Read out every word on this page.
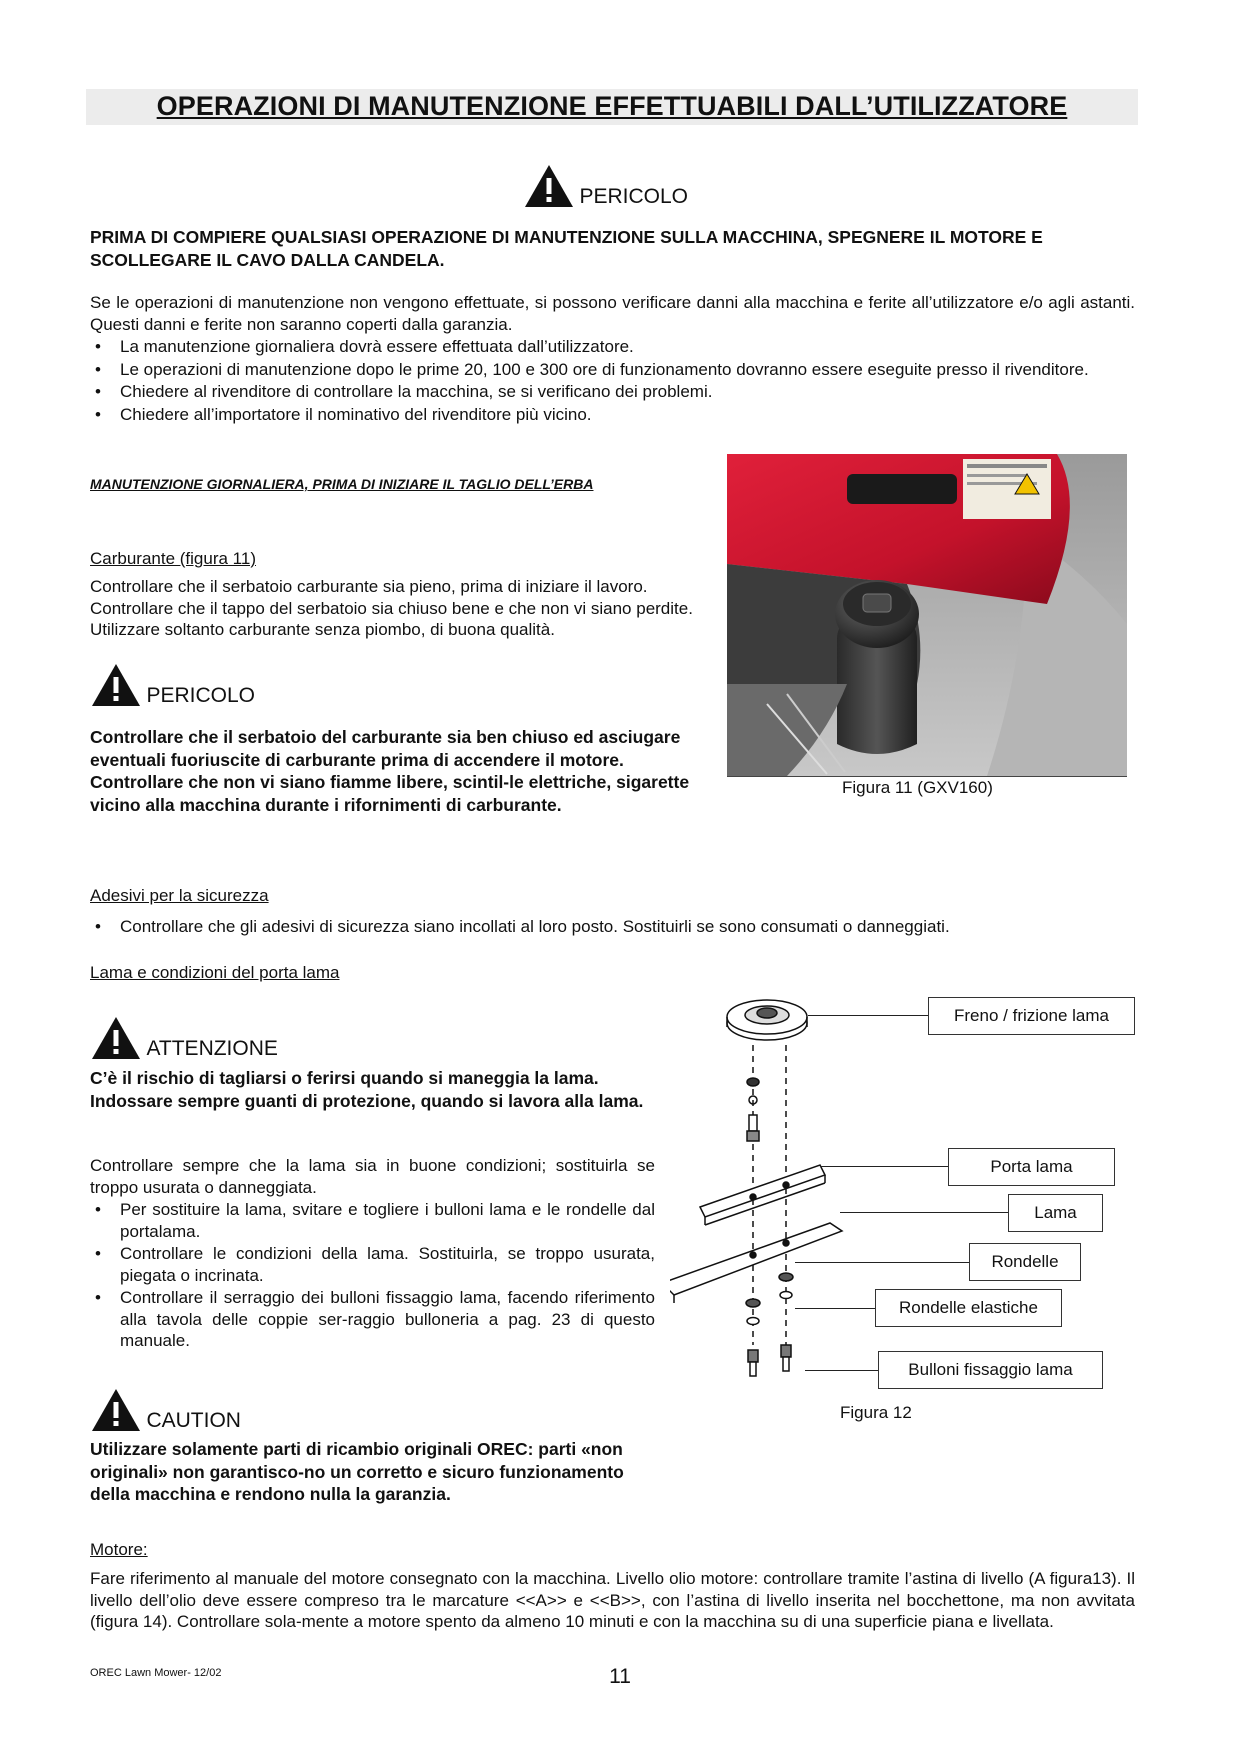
OPERAZIONI DI MANUTENZIONE EFFETTUABILI DALL’UTILIZZATORE
PERICOLO
PRIMA DI COMPIERE QUALSIASI OPERAZIONE DI MANUTENZIONE SULLA MACCHINA, SPEGNERE IL MOTORE E SCOLLEGARE IL CAVO DALLA CANDELA.
Se le operazioni di manutenzione non vengono effettuate, si possono verificare danni alla macchina e ferite all’utilizzatore e/o agli astanti. Questi danni e ferite non saranno coperti dalla garanzia.
• La manutenzione giornaliera dovrà essere effettuata dall’utilizzatore.
• Le operazioni di manutenzione dopo le prime 20, 100 e 300 ore di funzionamento dovranno essere eseguite presso il rivenditore.
• Chiedere al rivenditore di controllare la macchina, se si verificano dei problemi.
• Chiedere all’importatore il nominativo del rivenditore più vicino.
MANUTENZIONE GIORNALIERA, PRIMA DI INIZIARE IL TAGLIO DELL’ERBA
Carburante (figura 11)
Controllare che il serbatoio carburante sia pieno, prima di iniziare il lavoro. Controllare che il tappo del serbatoio sia chiuso bene e che non vi siano perdite. Utilizzare soltanto carburante senza piombo, di buona qualità.
PERICOLO
Controllare che il serbatoio del carburante sia ben chiuso ed asciugare eventuali fuoriuscite di carburante prima di accendere il motore. Controllare che non vi siano fiamme libere, scintil-le elettriche, sigarette vicino alla macchina durante i rifornimenti di carburante.
Figura 11 (GXV160)
Adesivi per la sicurezza
• Controllare che gli adesivi di sicurezza siano incollati al loro posto. Sostituirli se sono consumati o danneggiati.
Lama e condizioni del porta lama
ATTENZIONE
C’è il rischio di tagliarsi o ferirsi quando si maneggia la lama. Indossare sempre guanti di protezione, quando si lavora alla lama.
Controllare sempre che la lama sia in buone condizioni; sostituirla se troppo usurata o danneggiata.
• Per sostituire la lama, svitare e togliere i bulloni lama e le rondelle dal portalama.
• Controllare le condizioni della lama. Sostituirla, se troppo usurata, piegata o incrinata.
• Controllare il serraggio dei bulloni fissaggio lama, facendo riferimento alla tavola delle coppie ser-raggio bulloneria a pag. 23 di questo manuale.
CAUTION
Utilizzare solamente parti di ricambio originali OREC: parti «non originali» non garantisco-no un corretto e sicuro funzionamento della macchina e rendono nulla la garanzia.
Freno / frizione lama
Porta lama
Lama
Rondelle
Rondelle elastiche
Bulloni fissaggio lama
Figura 12
Motore:
Fare riferimento al manuale del motore consegnato con la macchina. Livello olio motore: controllare tramite l’astina di livello (A figura13). Il livello dell’olio deve essere compreso tra le marcature <<A>> e <<B>>, con l’astina di livello inserita nel bocchettone, ma non avvitata (figura 14). Controllare sola-mente a motore spento da almeno 10 minuti e con la macchina su di una superficie piana e livellata.
OREC Lawn Mower- 12/02	11
